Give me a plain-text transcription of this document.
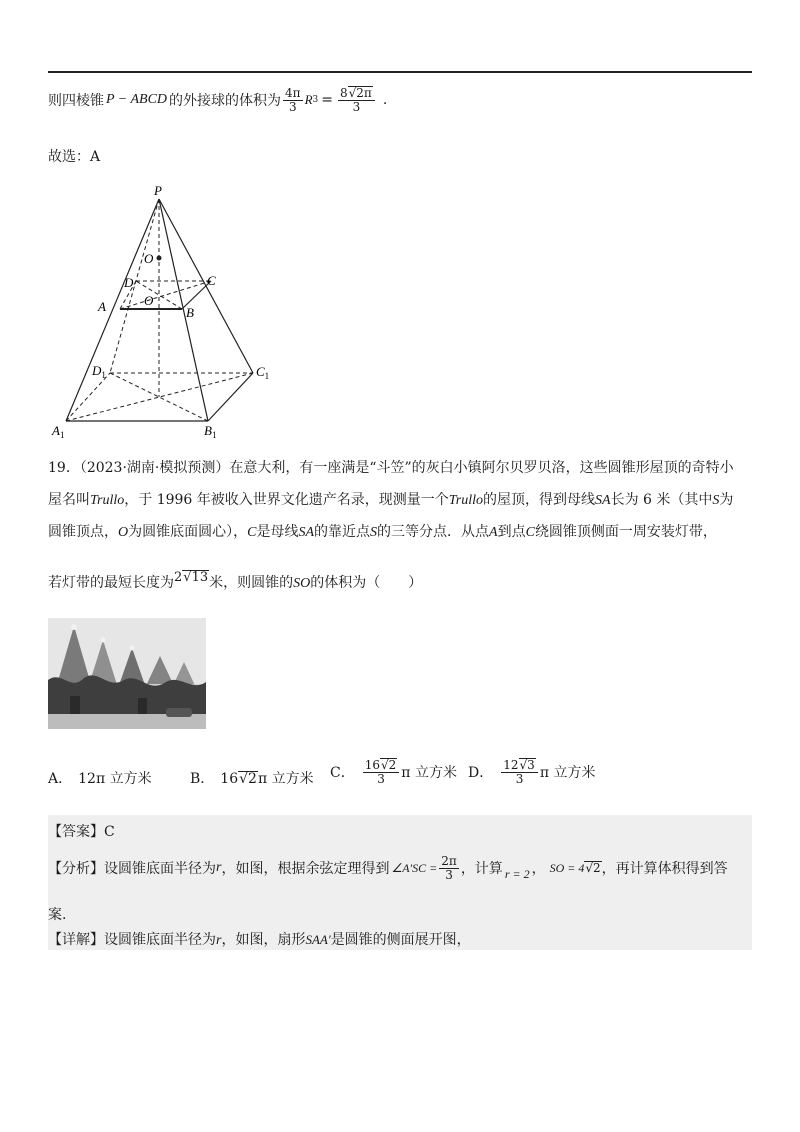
则四棱锥 P − ABCD 的外接球的体积为 $\frac{4\pi}{3}$ R $3 = \frac{8√2\pi}{3}$ .
故选：A
P
O
O
A	B
C
D
$A_1$	$B_1$
$C_1$
$D_1$
19．（2023·湖南·模拟预测）在意大利，有一座满是“斗笠”的灰白小镇阿尔贝罗贝洛，这些圆锥形屋顶的奇特小
屋名叫Trullo，于 1996 年被收入世界文化遗产名录，现测量一个Trullo的屋顶，得到母线SA长为 6 米（其中S为
圆锥顶点，O为圆锥底面圆心），C是母线SA的靠近点S的三等分点．从点A到点C绕圆锥顶侧面一周安装灯带，
若灯带的最短长度为2√13米，则圆锥的SO的体积为（　　）
A． 12π 立方米	B． 16√2π 立方米 C． $\frac{16√2}{3}$ π 立方米 D． $\frac{12√3}{3}$ π 立方米
【答案】C
【分析】 设圆锥底面半径为 r ，如图，根据余弦定理得到 ∠A′SC = $\frac{2\pi}{3}$ ，计算 r = 2 ， SO = 4 √2 ，再计算体积得到答
案.
【详解】设圆锥底面半径为r，如图，扇形SAA′是圆锥的侧面展开图，
